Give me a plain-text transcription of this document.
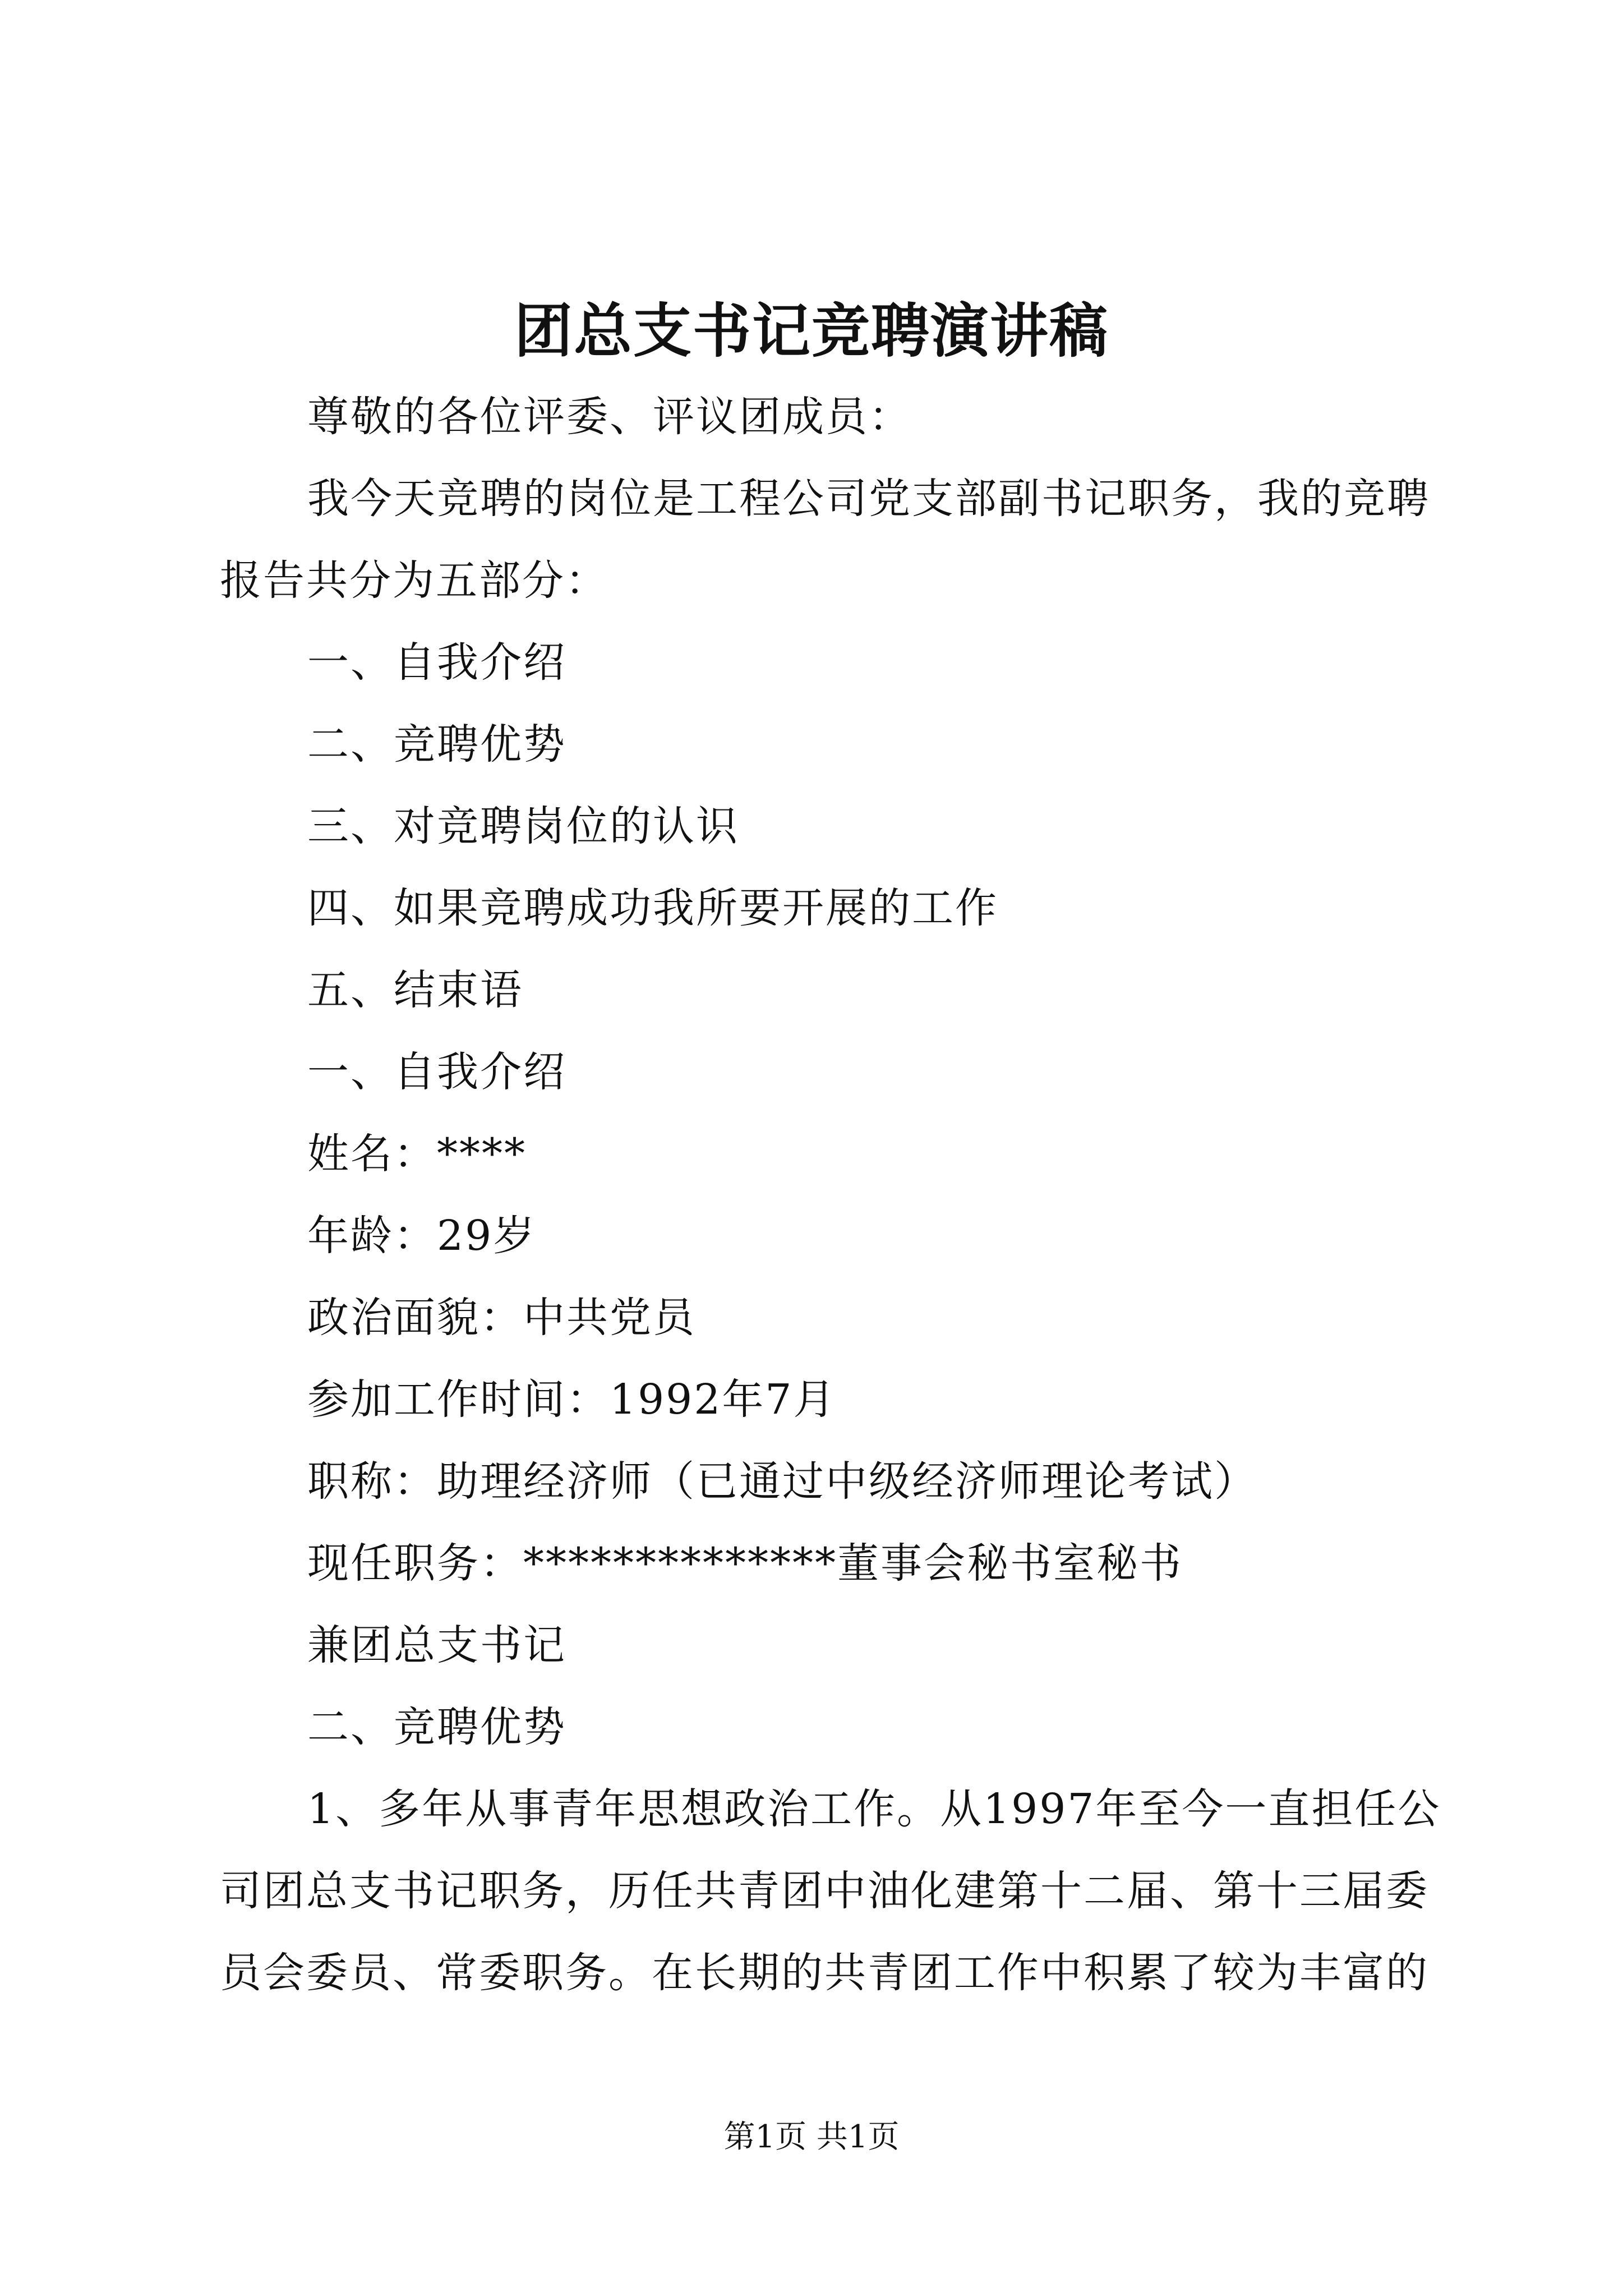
团总支书记竞聘演讲稿
尊敬的各位评委、评议团成员：
我今天竞聘的岗位是工程公司党支部副书记职务，我的竞聘
报告共分为五部分：
一、自我介绍
二、竞聘优势
三、对竞聘岗位的认识
四、如果竞聘成功我所要开展的工作
五、结束语
一、自我介绍
姓名：****
年龄：29岁
政治面貌：中共党员
参加工作时间：1992年7月
职称：助理经济师（已通过中级经济师理论考试）
现任职务：**************董事会秘书室秘书
兼团总支书记
二、竞聘优势
1、多年从事青年思想政治工作。从1997年至今一直担任公
司团总支书记职务，历任共青团中油化建第十二届、第十三届委
员会委员、常委职务。在长期的共青团工作中积累了较为丰富的
第1页 共1页
